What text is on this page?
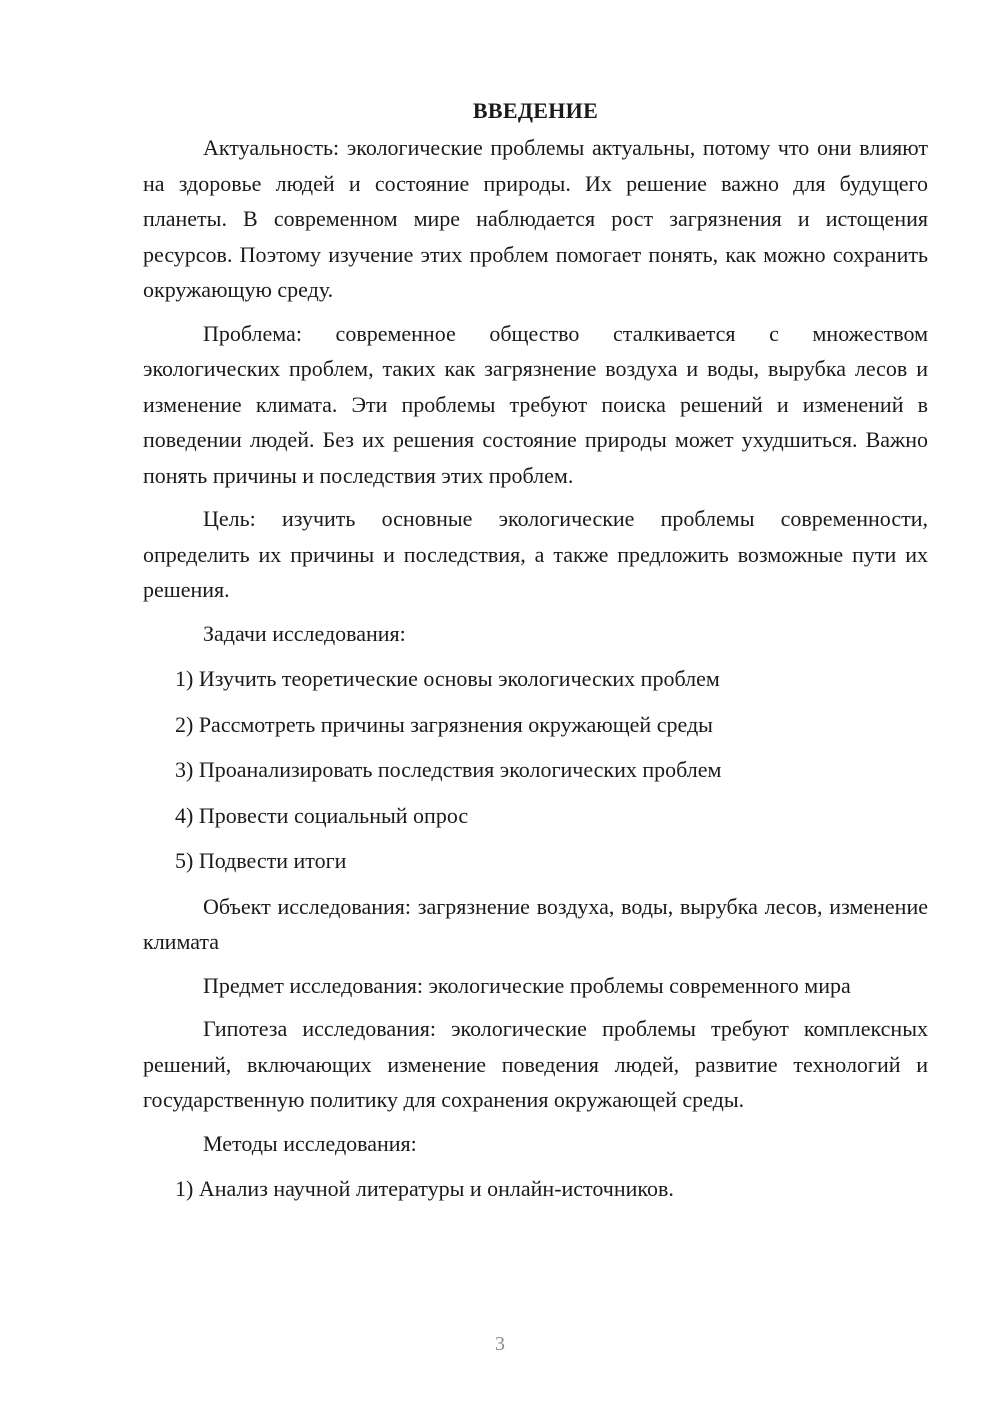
ВВЕДЕНИЕ

Актуальность: экологические проблемы актуальны, потому что они влияют на здоровье людей и состояние природы. Их решение важно для будущего планеты. В современном мире наблюдается рост загрязнения и истощения ресурсов. Поэтому изучение этих проблем помогает понять, как можно сохранить окружающую среду.

Проблема: современное общество сталкивается с множеством экологических проблем, таких как загрязнение воздуха и воды, вырубка лесов и изменение климата. Эти проблемы требуют поиска решений и изменений в поведении людей. Без их решения состояние природы может ухудшиться. Важно понять причины и последствия этих проблем.

Цель: изучить основные экологические проблемы современности, определить их причины и последствия, а также предложить возможные пути их решения.

Задачи исследования:

1) Изучить теоретические основы экологических проблем
2) Рассмотреть причины загрязнения окружающей среды
3) Проанализировать последствия экологических проблем
4) Провести социальный опрос
5) Подвести итоги

Объект исследования: загрязнение воздуха, воды, вырубка лесов, изменение климата

Предмет исследования: экологические проблемы современного мира

Гипотеза исследования: экологические проблемы требуют комплексных решений, включающих изменение поведения людей, развитие технологий и государственную политику для сохранения окружающей среды.

Методы исследования:

1) Анализ научной литературы и онлайн-источников.
3
